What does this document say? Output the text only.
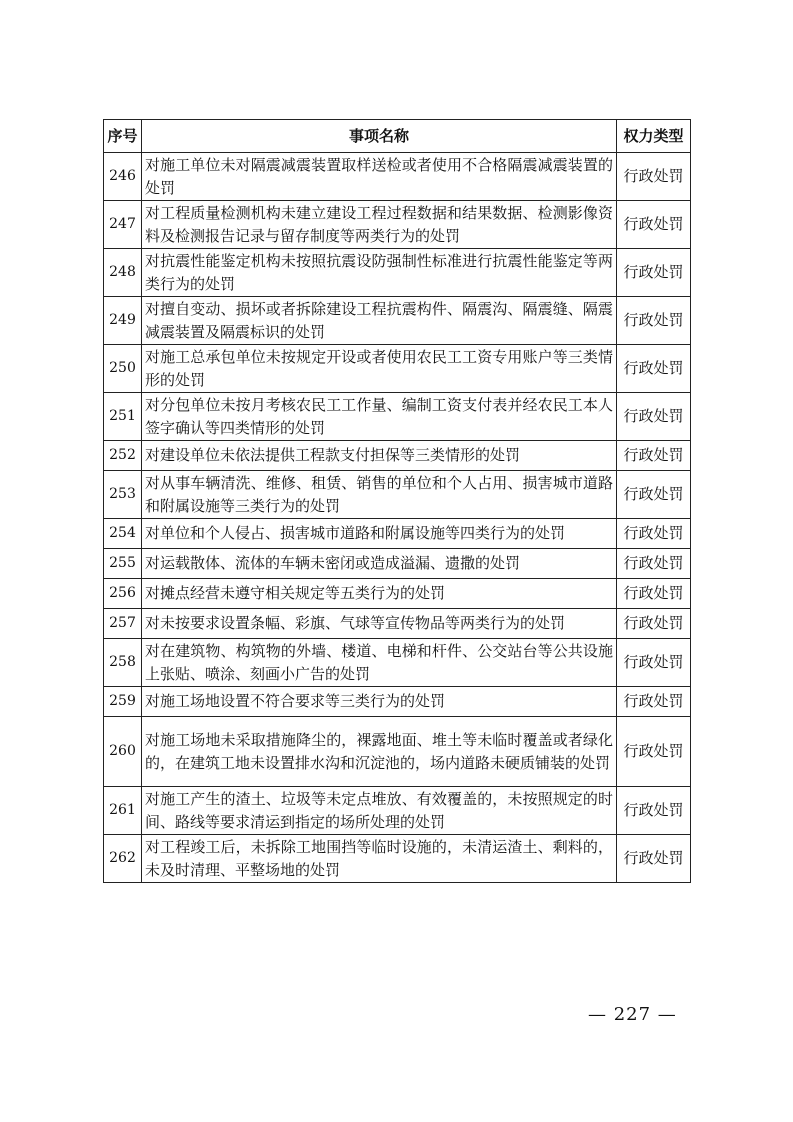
序号	事项名称	权力类型
246	对施工单位未对隔震减震装置取样送检或者使用不合格隔震减震装置的处罚	行政处罚
247	对工程质量检测机构未建立建设工程过程数据和结果数据、检测影像资料及检测报告记录与留存制度等两类行为的处罚	行政处罚
248	对抗震性能鉴定机构未按照抗震设防强制性标准进行抗震性能鉴定等两类行为的处罚	行政处罚
249	对擅自变动、损坏或者拆除建设工程抗震构件、隔震沟、隔震缝、隔震减震装置及隔震标识的处罚	行政处罚
250	对施工总承包单位未按规定开设或者使用农民工工资专用账户等三类情形的处罚	行政处罚
251	对分包单位未按月考核农民工工作量、编制工资支付表并经农民工本人签字确认等四类情形的处罚	行政处罚
252	对建设单位未依法提供工程款支付担保等三类情形的处罚	行政处罚
253	对从事车辆清洗、维修、租赁、销售的单位和个人占用、损害城市道路和附属设施等三类行为的处罚	行政处罚
254	对单位和个人侵占、损害城市道路和附属设施等四类行为的处罚	行政处罚
255	对运载散体、流体的车辆未密闭或造成溢漏、遗撒的处罚	行政处罚
256	对摊点经营未遵守相关规定等五类行为的处罚	行政处罚
257	对未按要求设置条幅、彩旗、气球等宣传物品等两类行为的处罚	行政处罚
258	对在建筑物、构筑物的外墙、楼道、电梯和杆件、公交站台等公共设施上张贴、喷涂、刻画小广告的处罚	行政处罚
259	对施工场地设置不符合要求等三类行为的处罚	行政处罚
260	对施工场地未采取措施降尘的，裸露地面、堆土等未临时覆盖或者绿化的，在建筑工地未设置排水沟和沉淀池的，场内道路未硬质铺装的处罚	行政处罚
261	对施工产生的渣土、垃圾等未定点堆放、有效覆盖的，未按照规定的时间、路线等要求清运到指定的场所处理的处罚	行政处罚
262	对工程竣工后，未拆除工地围挡等临时设施的，未清运渣土、剩料的，未及时清理、平整场地的处罚	行政处罚
— 227 —
